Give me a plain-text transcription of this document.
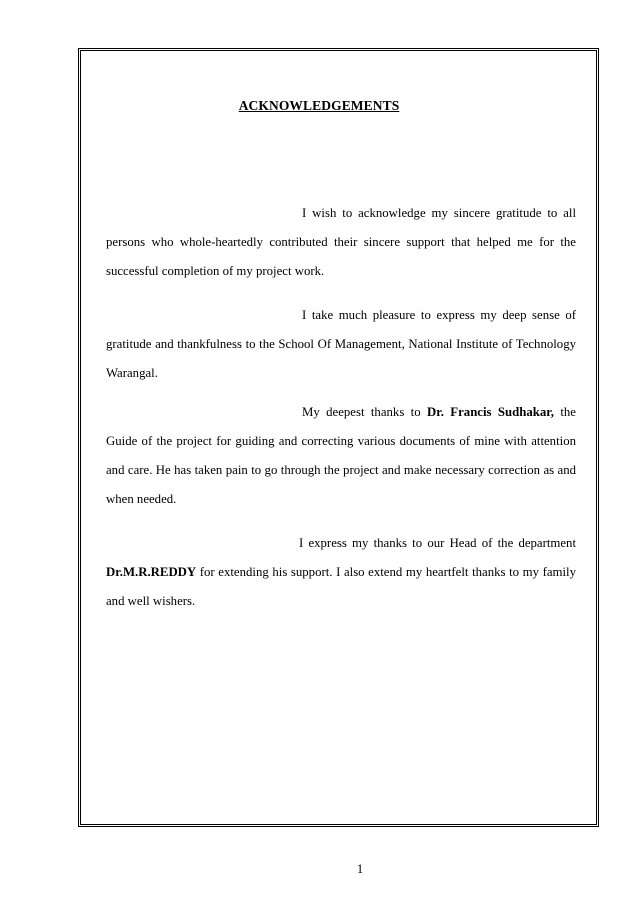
ACKNOWLEDGEMENTS

I wish to acknowledge my sincere gratitude to all persons who whole-heartedly contributed their sincere support that helped me for the successful completion of my project work.

I take much pleasure to express my deep sense of gratitude and thankfulness to the School Of Management, National Institute of Technology Warangal.

My deepest thanks to Dr. Francis Sudhakar, the Guide of the project for guiding and correcting various documents of mine with attention and care. He has taken pain to go through the project and make necessary correction as and when needed.

I express my thanks to our Head of the department Dr.M.R.REDDY for extending his support. I also extend my heartfelt thanks to my family and well wishers.

1
